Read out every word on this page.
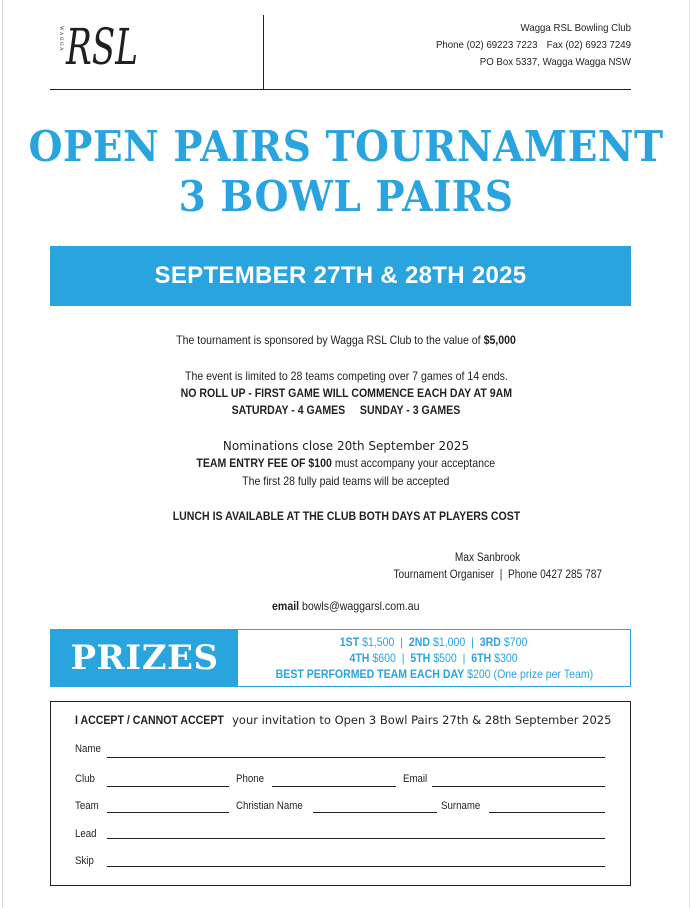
WAGGA RSL	Wagga RSL Bowling Club
Phone (02) 69223 7223 Fax (02) 6923 7249
PO Box 5337, Wagga Wagga NSW
OPEN PAIRS TOURNAMENT
3 BOWL PAIRS
SEPTEMBER 27TH & 28TH 2025
The tournament is sponsored by Wagga RSL Club to the value of $5,000
The event is limited to 28 teams competing over 7 games of 14 ends.
NO ROLL UP - FIRST GAME WILL COMMENCE EACH DAY AT 9AM
SATURDAY - 4 GAMES SUNDAY - 3 GAMES
Nominations close 20th September 2025
TEAM ENTRY FEE OF $100 must accompany your acceptance
The first 28 fully paid teams will be accepted
LUNCH IS AVAILABLE AT THE CLUB BOTH DAYS AT PLAYERS COST
Max Sanbrook
Tournament Organiser | Phone 0427 285 787
email bowls@waggarsl.com.au
PRIZES	1ST $1,500 | 2ND $1,000 | 3RD $700
4TH $600 | 5TH $500 | 6TH $300
BEST PERFORMED TEAM EACH DAY $200 (One prize per Team)
I ACCEPT / CANNOT ACCEPT your invitation to Open 3 Bowl Pairs 27th & 28th September 2025
Name
Club	Phone	Email
Team	Christian Name	Surname
Lead
Skip
